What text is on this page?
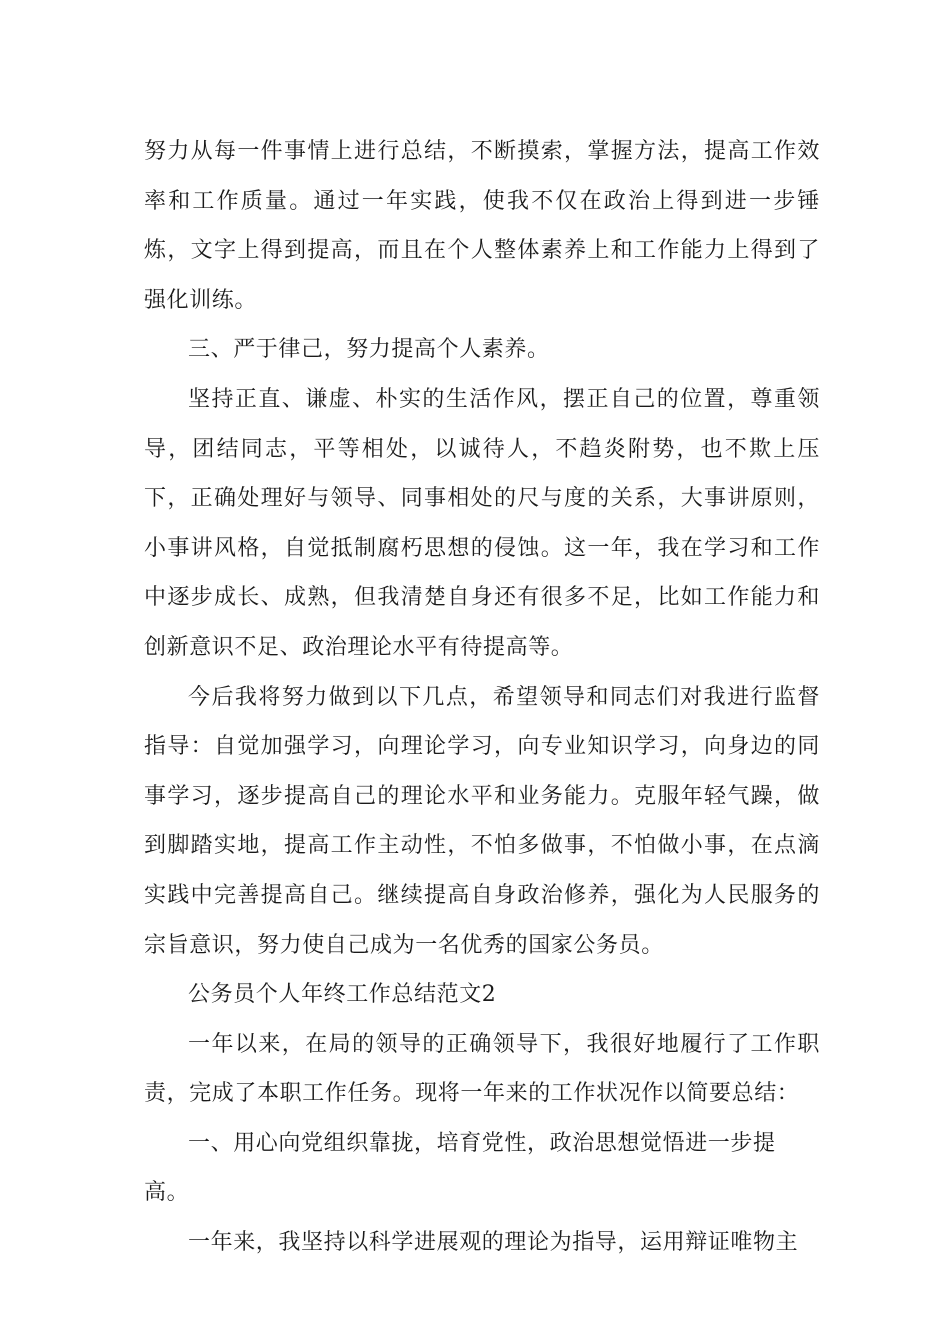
努力从每一件事情上进行总结，不断摸索，掌握方法，提高工作效率和工作质量。通过一年实践，使我不仅在政治上得到进一步锤炼，文字上得到提高，而且在个人整体素养上和工作能力上得到了强化训练。

三、严于律己，努力提高个人素养。

坚持正直、谦虚、朴实的生活作风，摆正自己的位置，尊重领导，团结同志，平等相处，以诚待人，不趋炎附势，也不欺上压下，正确处理好与领导、同事相处的尺与度的关系，大事讲原则，小事讲风格，自觉抵制腐朽思想的侵蚀。这一年，我在学习和工作中逐步成长、成熟，但我清楚自身还有很多不足，比如工作能力和创新意识不足、政治理论水平有待提高等。

今后我将努力做到以下几点，希望领导和同志们对我进行监督指导：自觉加强学习，向理论学习，向专业知识学习，向身边的同事学习，逐步提高自己的理论水平和业务能力。克服年轻气躁，做到脚踏实地，提高工作主动性，不怕多做事，不怕做小事，在点滴实践中完善提高自己。继续提高自身政治修养，强化为人民服务的宗旨意识，努力使自己成为一名优秀的国家公务员。

公务员个人年终工作总结范文2

一年以来，在局的领导的正确领导下，我很好地履行了工作职责，完成了本职工作任务。现将一年来的工作状况作以简要总结：

一、用心向党组织靠拢，培育党性，政治思想觉悟进一步提高。

一年来，我坚持以科学进展观的理论为指导，运用辩证唯物主
